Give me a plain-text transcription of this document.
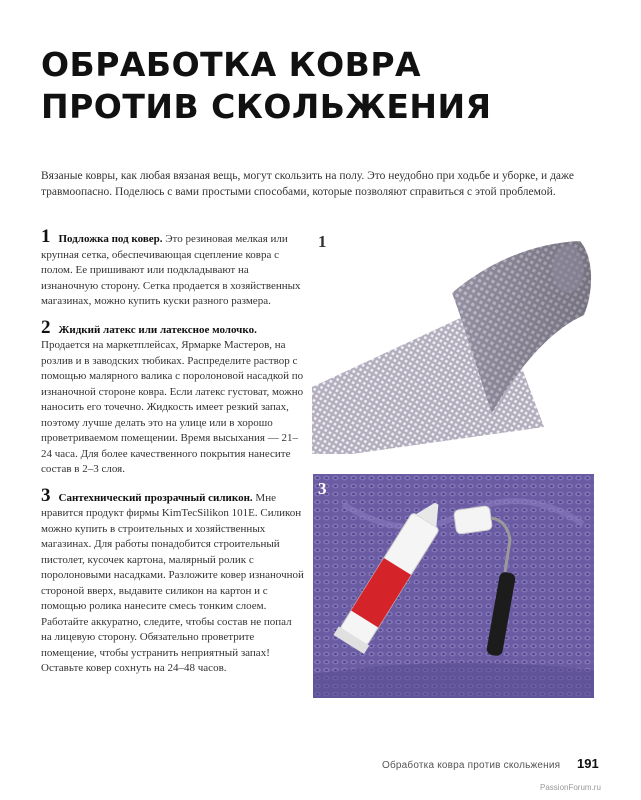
ОБРАБОТКА КОВРА
ПРОТИВ СКОЛЬЖЕНИЯ

Вязаные ковры, как любая вязаная вещь, могут скользить на полу. Это неудобно при ходьбе и уборке, и даже травмоопасно. Поделюсь с вами простыми способами, которые позволяют справиться с этой проблемой.

1 Подложка под ковер. Это резиновая мелкая или крупная сетка, обеспечивающая сцепление ковра с полом. Ее пришивают или подкладывают на изнаночную сторону. Сетка продается в хозяйственных магазинах, можно купить куски разного размера.
2 Жидкий латекс или латексное молочко. Продается на маркетплейсах, Ярмарке Мастеров, на розлив и в заводских тюбиках. Распределите раствор с помощью малярного валика с поролоновой насадкой по изнаночной стороне ковра. Если латекс густоват, можно наносить его точечно. Жидкость имеет резкий запах, поэтому лучше делать это на улице или в хорошо проветриваемом помещении. Время высыхания — 21–24 часа. Для более качественного покрытия нанесите состав в 2–3 слоя.
3 Сантехнический прозрачный силикон. Мне нравится продукт фирмы KimTecSilikon 101E. Силикон можно купить в строительных и хозяйственных магазинах. Для работы понадобится строительный пистолет, кусочек картона, малярный ролик с поролоновыми насадками. Разложите ковер изнаночной стороной вверх, выдавите силикон на картон и с помощью ролика нанесите смесь тонким слоем. Работайте аккуратно, следите, чтобы состав не попал на лицевую сторону. Обязательно проветрите помещение, чтобы устранить неприятный запах! Оставьте ковер сохнуть на 24–48 часов.
1
3
Обработка ковра против скольжения 191
PassionForum.ru
